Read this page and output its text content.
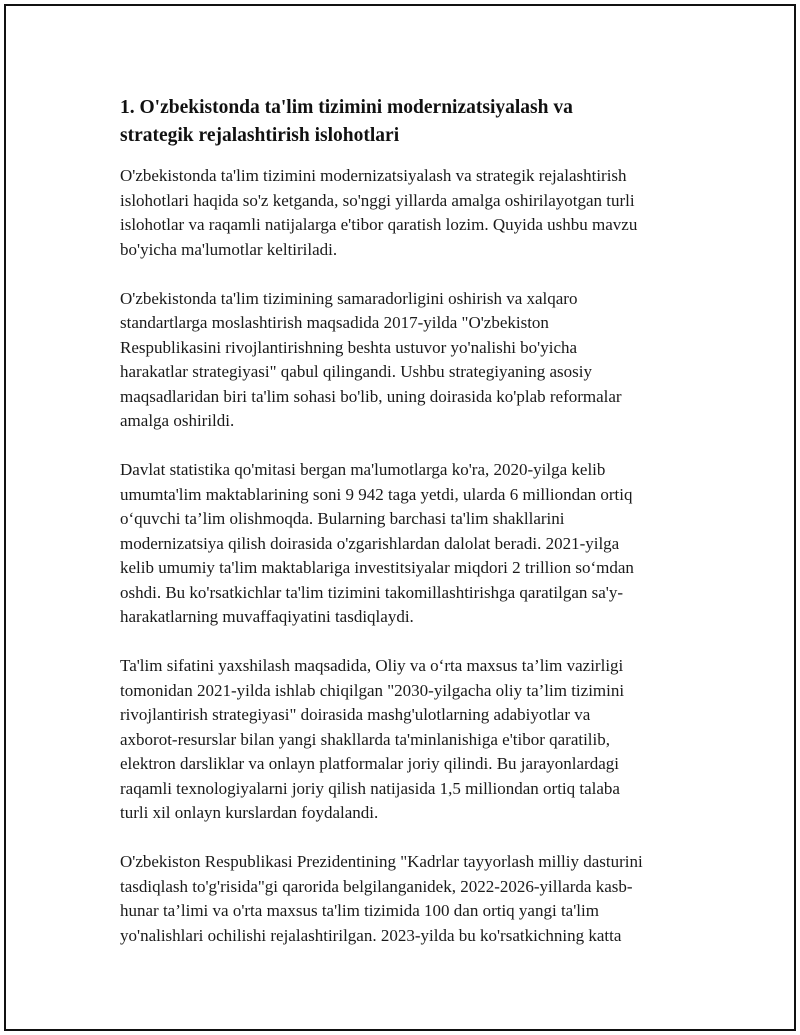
1. O'zbekistonda ta'lim tizimini modernizatsiyalash va
strategik rejalashtirish islohotlari

O'zbekistonda ta'lim tizimini modernizatsiyalash va strategik rejalashtirish
islohotlari haqida so'z ketganda, so'nggi yillarda amalga oshirilayotgan turli
islohotlar va raqamli natijalarga e'tibor qaratish lozim. Quyida ushbu mavzu
bo'yicha ma'lumotlar keltiriladi.

O'zbekistonda ta'lim tizimining samaradorligini oshirish va xalqaro
standartlarga moslashtirish maqsadida 2017-yilda "O'zbekiston
Respublikasini rivojlantirishning beshta ustuvor yo'nalishi bo'yicha
harakatlar strategiyasi" qabul qilingandi. Ushbu strategiyaning asosiy
maqsadlaridan biri ta'lim sohasi bo'lib, uning doirasida ko'plab reformalar
amalga oshirildi.

Davlat statistika qo'mitasi bergan ma'lumotlarga ko'ra, 2020-yilga kelib
umumta'lim maktablarining soni 9 942 taga yetdi, ularda 6 milliondan ortiq
o‘quvchi ta’lim olishmoqda. Bularning barchasi ta'lim shakllarini
modernizatsiya qilish doirasida o'zgarishlardan dalolat beradi. 2021-yilga
kelib umumiy ta'lim maktablariga investitsiyalar miqdori 2 trillion so‘mdan
oshdi. Bu ko'rsatkichlar ta'lim tizimini takomillashtirishga qaratilgan sa'y-
harakatlarning muvaffaqiyatini tasdiqlaydi.

Ta'lim sifatini yaxshilash maqsadida, Oliy va o‘rta maxsus ta’lim vazirligi
tomonidan 2021-yilda ishlab chiqilgan "2030-yilgacha oliy ta’lim tizimini
rivojlantirish strategiyasi" doirasida mashg'ulotlarning adabiyotlar va
axborot-resurslar bilan yangi shakllarda ta'minlanishiga e'tibor qaratilib,
elektron darsliklar va onlayn platformalar joriy qilindi. Bu jarayonlardagi
raqamli texnologiyalarni joriy qilish natijasida 1,5 milliondan ortiq talaba
turli xil onlayn kurslardan foydalandi.

O'zbekiston Respublikasi Prezidentining "Kadrlar tayyorlash milliy dasturini
tasdiqlash to'g'risida"gi qarorida belgilanganidek, 2022-2026-yillarda kasb-
hunar ta’limi va o'rta maxsus ta'lim tizimida 100 dan ortiq yangi ta'lim
yo'nalishlari ochilishi rejalashtirilgan. 2023-yilda bu ko'rsatkichning katta
